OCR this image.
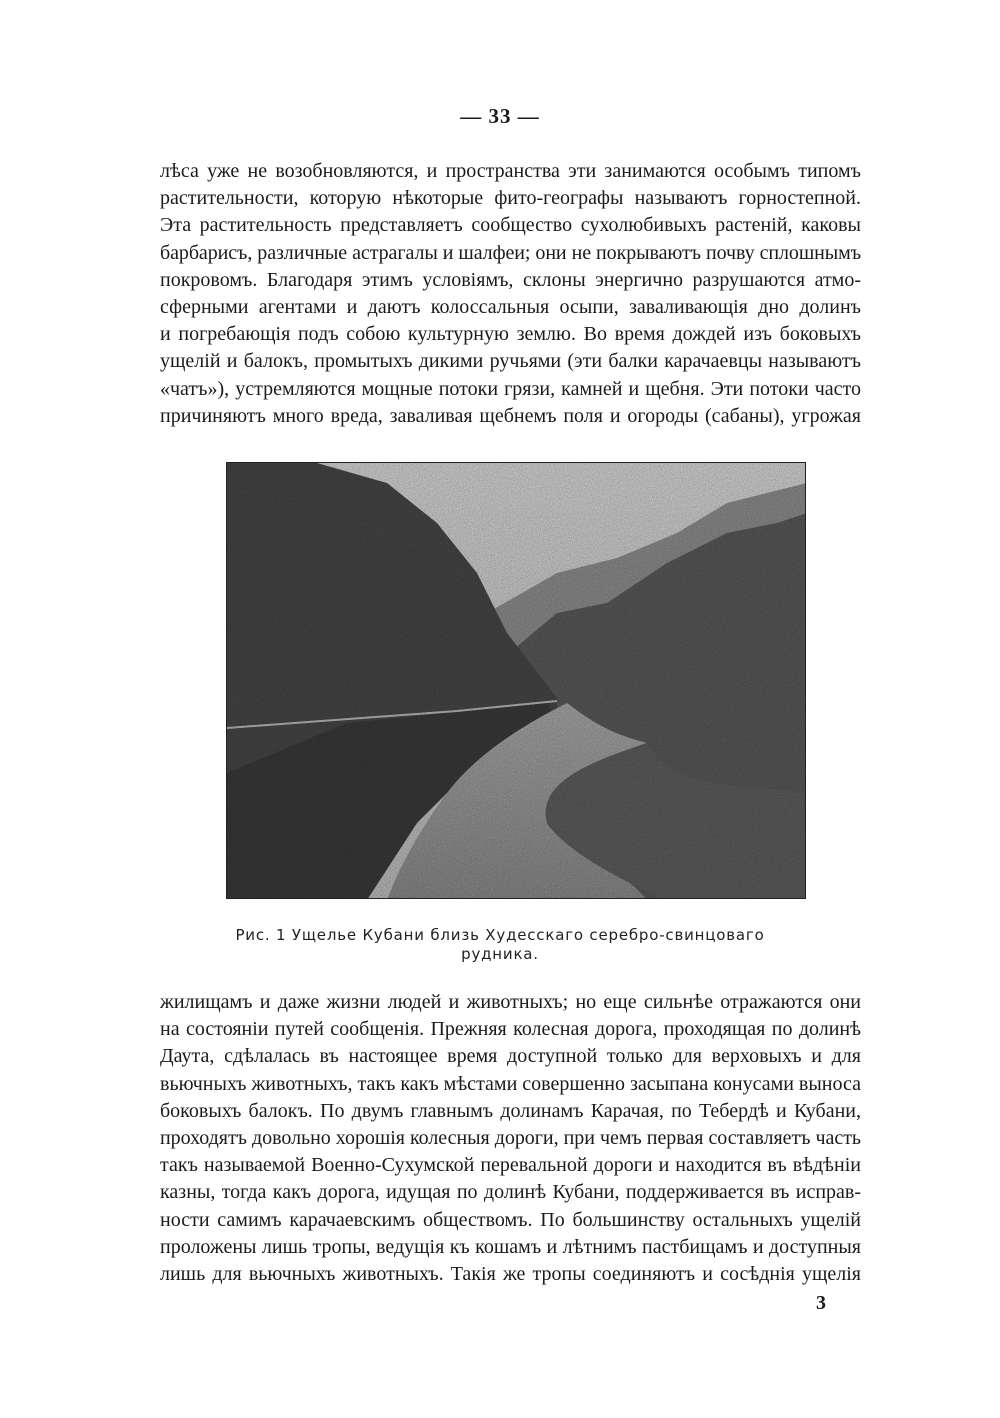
— 33 —
лѣса уже не возобновляются, и пространства эти занимаются особымъ типомъ
растительности, которую нѣкоторые фито-географы называютъ горностепной.
Эта растительность представляетъ сообщество сухолюбивыхъ растеній, каковы
барбарисъ, различные астрагалы и шалфеи; они не покрываютъ почву сплошнымъ
покровомъ. Благодаря этимъ условіямъ, склоны энергично разрушаются атмо-
сферными агентами и даютъ колоссальныя осыпи, заваливающія дно долинъ
и погребающія подъ собою культурную землю. Во время дождей изъ боковыхъ
ущелій и балокъ, промытыхъ дикими ручьями (эти балки карачаевцы называютъ
«чатъ»), устремляются мощные потоки грязи, камней и щебня. Эти потоки часто
причиняютъ много вреда, заваливая щебнемъ поля и огороды (сабаны), угрожая
Рис. 1 Ущелье Кубани близь Худесскаго серебро-свинцоваго
рудника.
жилищамъ и даже жизни людей и животныхъ; но еще сильнѣе отражаются они
на состояніи путей сообщенія. Прежняя колесная дорога, проходящая по долинѣ
Даута, сдѣлалась въ настоящее время доступной только для верховыхъ и для
вьючныхъ животныхъ, такъ какъ мѣстами совершенно засыпана конусами выноса
боковыхъ балокъ. По двумъ главнымъ долинамъ Карачая, по Тебердѣ и Кубани,
проходятъ довольно хорошія колесныя дороги, при чемъ первая составляетъ часть
такъ называемой Военно-Сухумской перевальной дороги и находится въ вѣдѣніи
казны, тогда какъ дорога, идущая по долинѣ Кубани, поддерживается въ исправ-
ности самимъ карачаевскимъ обществомъ. По большинству остальныхъ ущелій
проложены лишь тропы, ведущія къ кошамъ и лѣтнимъ пастбищамъ и доступныя
лишь для вьючныхъ животныхъ. Такія же тропы соединяютъ и сосѣднія ущелія
3
